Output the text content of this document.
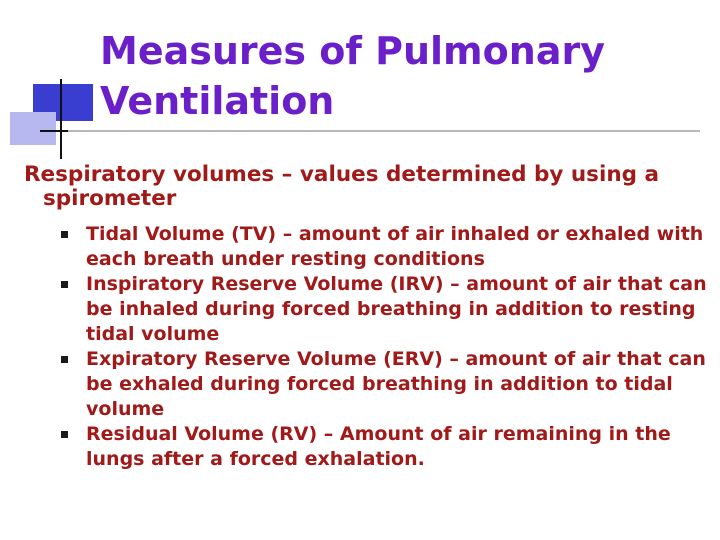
Measures of Pulmonary Ventilation

Respiratory volumes – values determined by using a spirometer

Tidal Volume (TV) – amount of air inhaled or exhaled with each breath under resting conditions
Inspiratory Reserve Volume (IRV) – amount of air that can be inhaled during forced breathing in addition to resting tidal volume
Expiratory Reserve Volume (ERV) – amount of air that can be exhaled during forced breathing in addition to tidal volume
Residual Volume (RV) – Amount of air remaining in the lungs after a forced exhalation.
